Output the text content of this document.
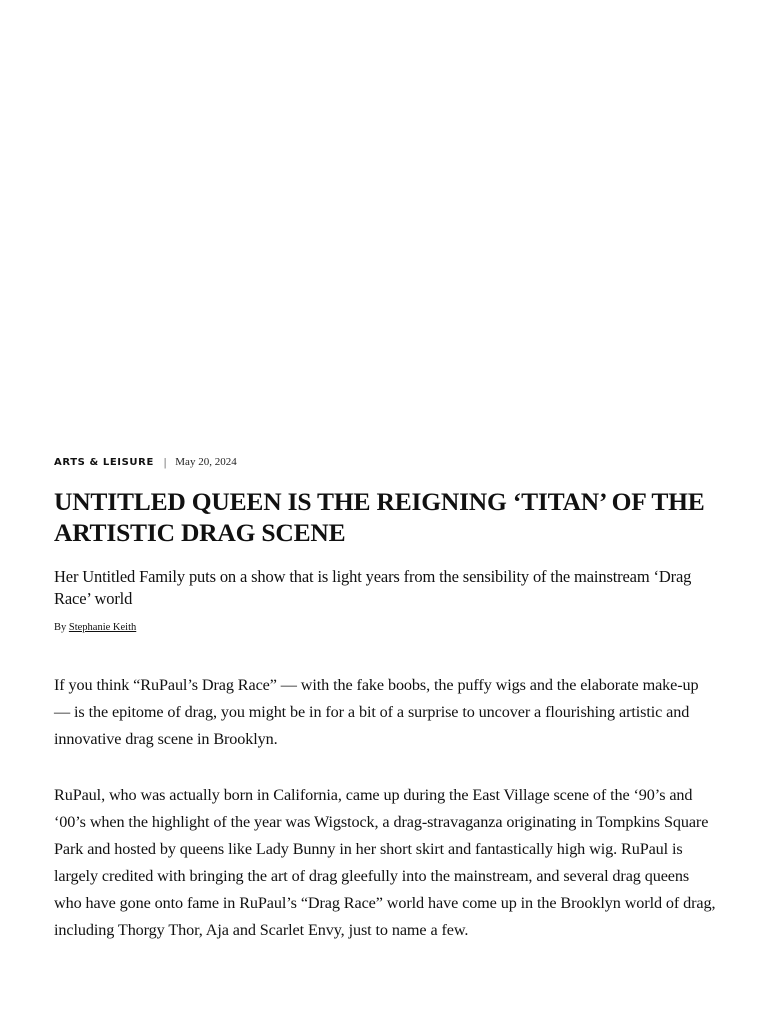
ARTS & LEISURE | May 20, 2024
UNTITLED QUEEN IS THE REIGNING ‘TITAN’ OF THE ARTISTIC DRAG SCENE

Her Untitled Family puts on a show that is light years from the sensibility of the mainstream ‘Drag Race’ world

By Stephanie Keith

If you think “RuPaul’s Drag Race” — with the fake boobs, the puffy wigs and the elaborate make-up — is the epitome of drag, you might be in for a bit of a surprise to uncover a flourishing artistic and innovative drag scene in Brooklyn.

RuPaul, who was actually born in California, came up during the East Village scene of the ‘90’s and ‘00’s when the highlight of the year was Wigstock, a drag-stravaganza originating in Tompkins Square Park and hosted by queens like Lady Bunny in her short skirt and fantastically high wig. RuPaul is largely credited with bringing the art of drag gleefully into the mainstream, and several drag queens who have gone onto fame in RuPaul’s “Drag Race” world have come up in the Brooklyn world of drag, including Thorgy Thor, Aja and Scarlet Envy, just to name a few.
